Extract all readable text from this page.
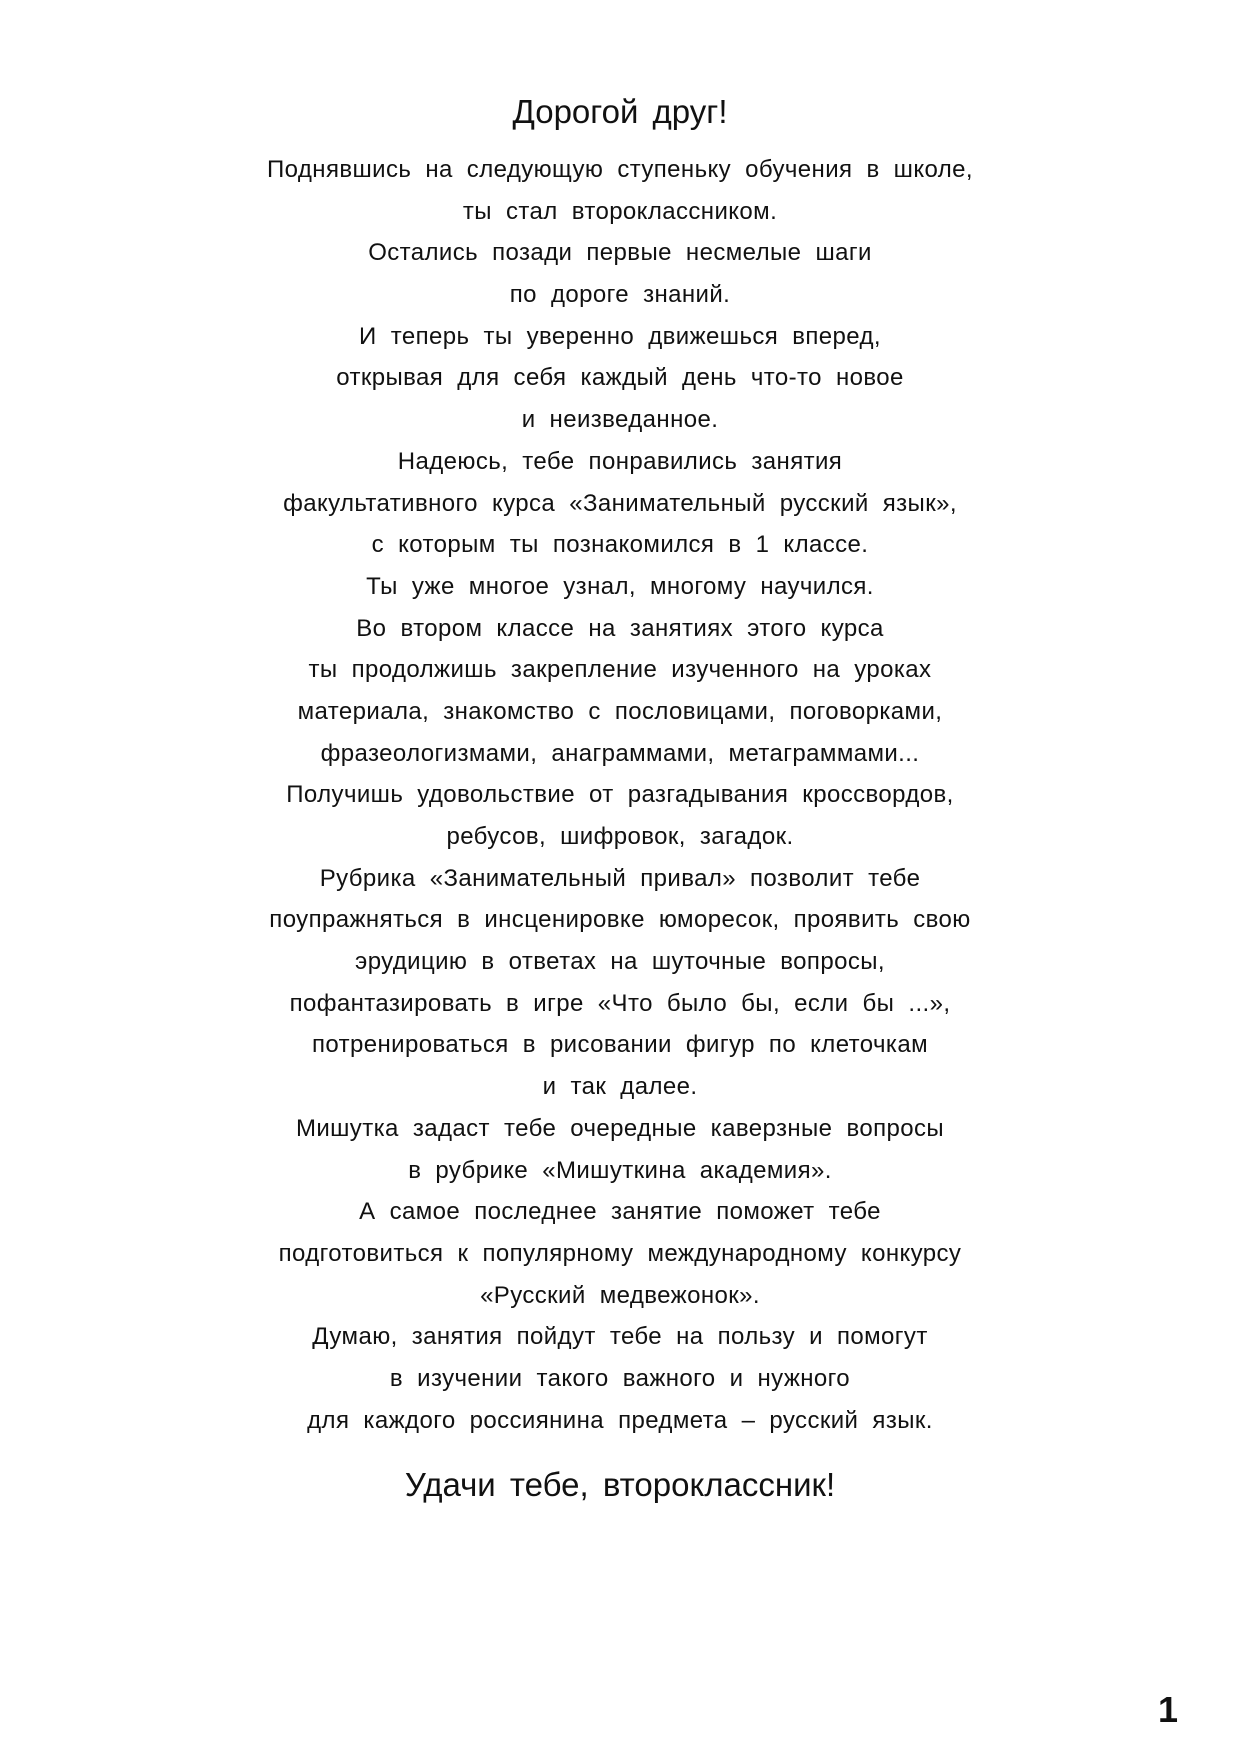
Дорогой друг!
Поднявшись на следующую ступеньку обучения в школе,
ты стал второклассником.
Остались позади первые несмелые шаги
по дороге знаний.
И теперь ты уверенно движешься вперед,
открывая для себя каждый день что-то новое
и неизведанное.
Надеюсь, тебе понравились занятия
факультативного курса «Занимательный русский язык»,
с которым ты познакомился в 1 классе.
Ты уже многое узнал, многому научился.
Во втором классе на занятиях этого курса
ты продолжишь закрепление изученного на уроках
материала, знакомство с пословицами, поговорками,
фразеологизмами, анаграммами, метаграммами...
Получишь удовольствие от разгадывания кроссвордов,
ребусов, шифровок, загадок.
Рубрика «Занимательный привал» позволит тебе
поупражняться в инсценировке юморесок, проявить свою
эрудицию в ответах на шуточные вопросы,
пофантазировать в игре «Что было бы, если бы ...»,
потренироваться в рисовании фигур по клеточкам
и так далее.
Мишутка задаст тебе очередные каверзные вопросы
в рубрике «Мишуткина академия».
А самое последнее занятие поможет тебе
подготовиться к популярному международному конкурсу
«Русский медвежонок».
Думаю, занятия пойдут тебе на пользу и помогут
в изучении такого важного и нужного
для каждого россиянина предмета – русский язык.
Удачи тебе, второклассник!
1
